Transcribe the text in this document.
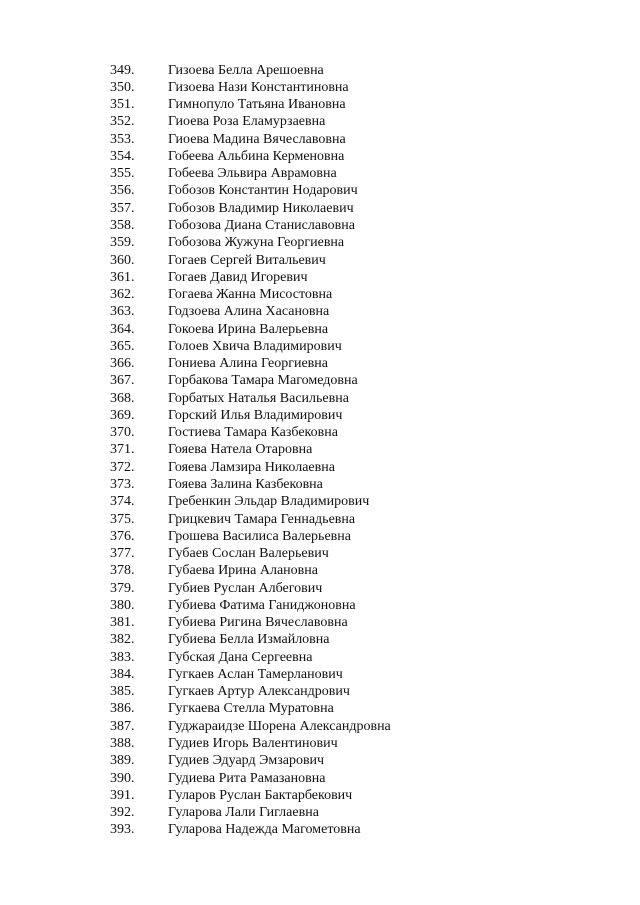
349.	Гизоева Белла Арешоевна
350.	Гизоева Нази Константиновна
351.	Гимнопуло Татьяна Ивановна
352.	Гиоева Роза Еламурзаевна
353.	Гиоева Мадина Вячеславовна
354.	Гобеева Альбина Керменовна
355.	Гобеева Эльвира Аврамовна
356.	Гобозов Константин Нодарович
357.	Гобозов Владимир Николаевич
358.	Гобозова Диана Станиславовна
359.	Гобозова Жужуна Георгиевна
360.	Гогаев Сергей Витальевич
361.	Гогаев Давид Игоревич
362.	Гогаева Жанна Мисостовна
363.	Годзоева Алина Хасановна
364.	Гокоева Ирина Валерьевна
365.	Голоев Хвича Владимирович
366.	Гониева Алина Георгиевна
367.	Горбакова Тамара Магомедовна
368.	Горбатых Наталья Васильевна
369.	Горский Илья Владимирович
370.	Гостиева Тамара Казбековна
371.	Гояева Натела Отаровна
372.	Гояева Ламзира Николаевна
373.	Гояева Залина Казбековна
374.	Гребенкин Эльдар Владимирович
375.	Грицкевич Тамара Геннадьевна
376.	Грошева Василиса Валерьевна
377.	Губаев Сослан Валерьевич
378.	Губаева Ирина Алановна
379.	Губиев Руслан Албегович
380.	Губиева Фатима Ганиджоновна
381.	Губиева Ригина Вячеславовна
382.	Губиева Белла Измайловна
383.	Губская Дана Сергеевна
384.	Гугкаев Аслан Тамерланович
385.	Гугкаев Артур Александрович
386.	Гугкаева Стелла Муратовна
387.	Гуджараидзе Шорена Александровна
388.	Гудиев Игорь Валентинович
389.	Гудиев Эдуард Эмзарович
390.	Гудиева Рита Рамазановна
391.	Гуларов Руслан Бактарбекович
392.	Гуларова Лали Гиглаевна
393.	Гуларова Надежда Магометовна
